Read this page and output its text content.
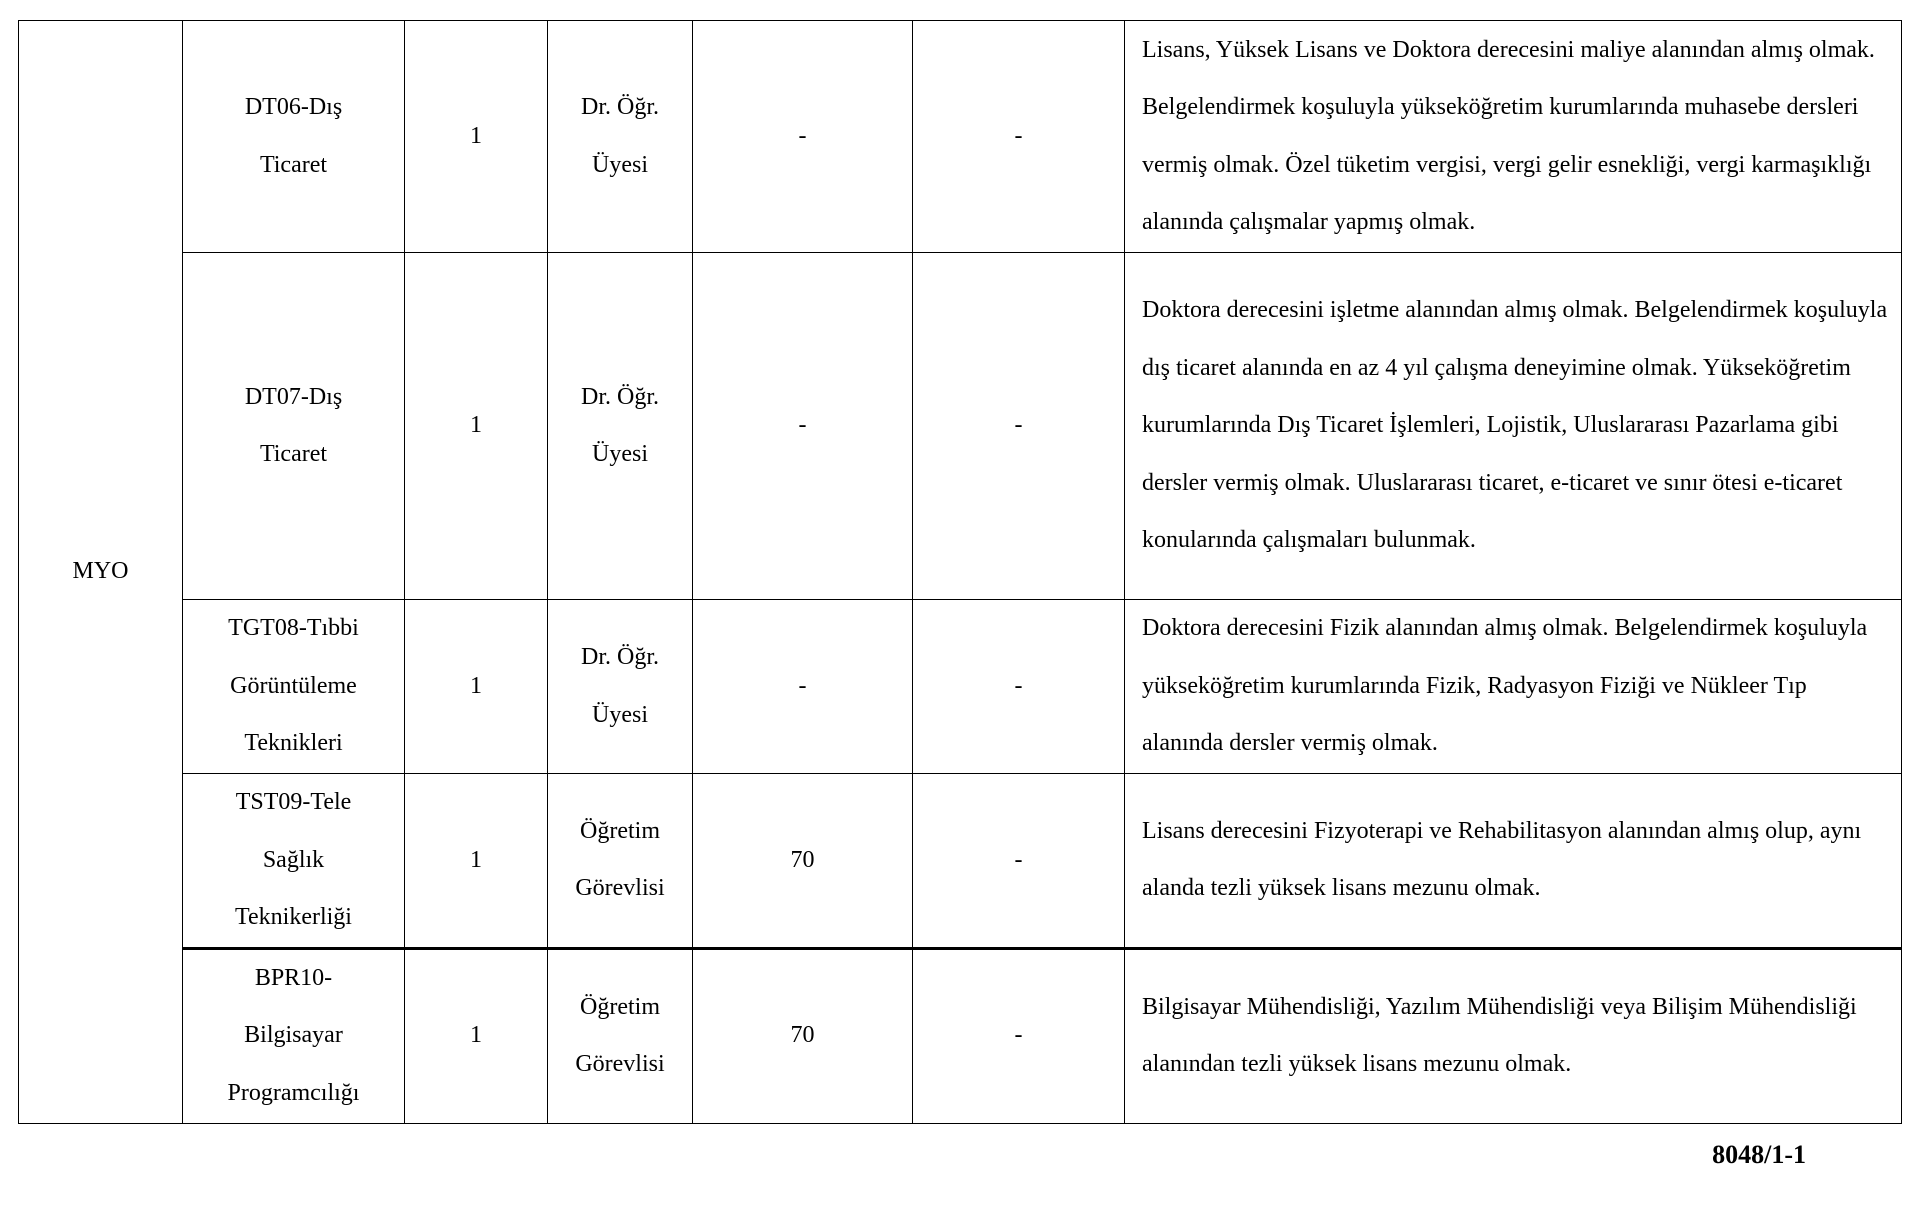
MYO	DT06-Dış Ticaret	1	Dr. Öğr. Üyesi	-	-	Lisans, Yüksek Lisans ve Doktora derecesini maliye alanından almış olmak. Belgelendirmek koşuluyla yükseköğretim kurumlarında muhasebe dersleri vermiş olmak. Özel tüketim vergisi, vergi gelir esnekliği, vergi karmaşıklığı alanında çalışmalar yapmış olmak.
	DT07-Dış Ticaret	1	Dr. Öğr. Üyesi	-	-	Doktora derecesini işletme alanından almış olmak. Belgelendirmek koşuluyla dış ticaret alanında en az 4 yıl çalışma deneyimine olmak. Yükseköğretim kurumlarında Dış Ticaret İşlemleri, Lojistik, Uluslararası Pazarlama gibi dersler vermiş olmak. Uluslararası ticaret, e-ticaret ve sınır ötesi e-ticaret konularında çalışmaları bulunmak.
	TGT08-Tıbbi Görüntüleme Teknikleri	1	Dr. Öğr. Üyesi	-	-	Doktora derecesini Fizik alanından almış olmak. Belgelendirmek koşuluyla yükseköğretim kurumlarında Fizik, Radyasyon Fiziği ve Nükleer Tıp alanında dersler vermiş olmak.
	TST09-Tele Sağlık Teknikerliği	1	Öğretim Görevlisi	70	-	Lisans derecesini Fizyoterapi ve Rehabilitasyon alanından almış olup, aynı alanda tezli yüksek lisans mezunu olmak.
	BPR10-Bilgisayar Programcılığı	1	Öğretim Görevlisi	70	-	Bilgisayar Mühendisliği, Yazılım Mühendisliği veya Bilişim Mühendisliği alanından tezli yüksek lisans mezunu olmak.
8048/1-1
